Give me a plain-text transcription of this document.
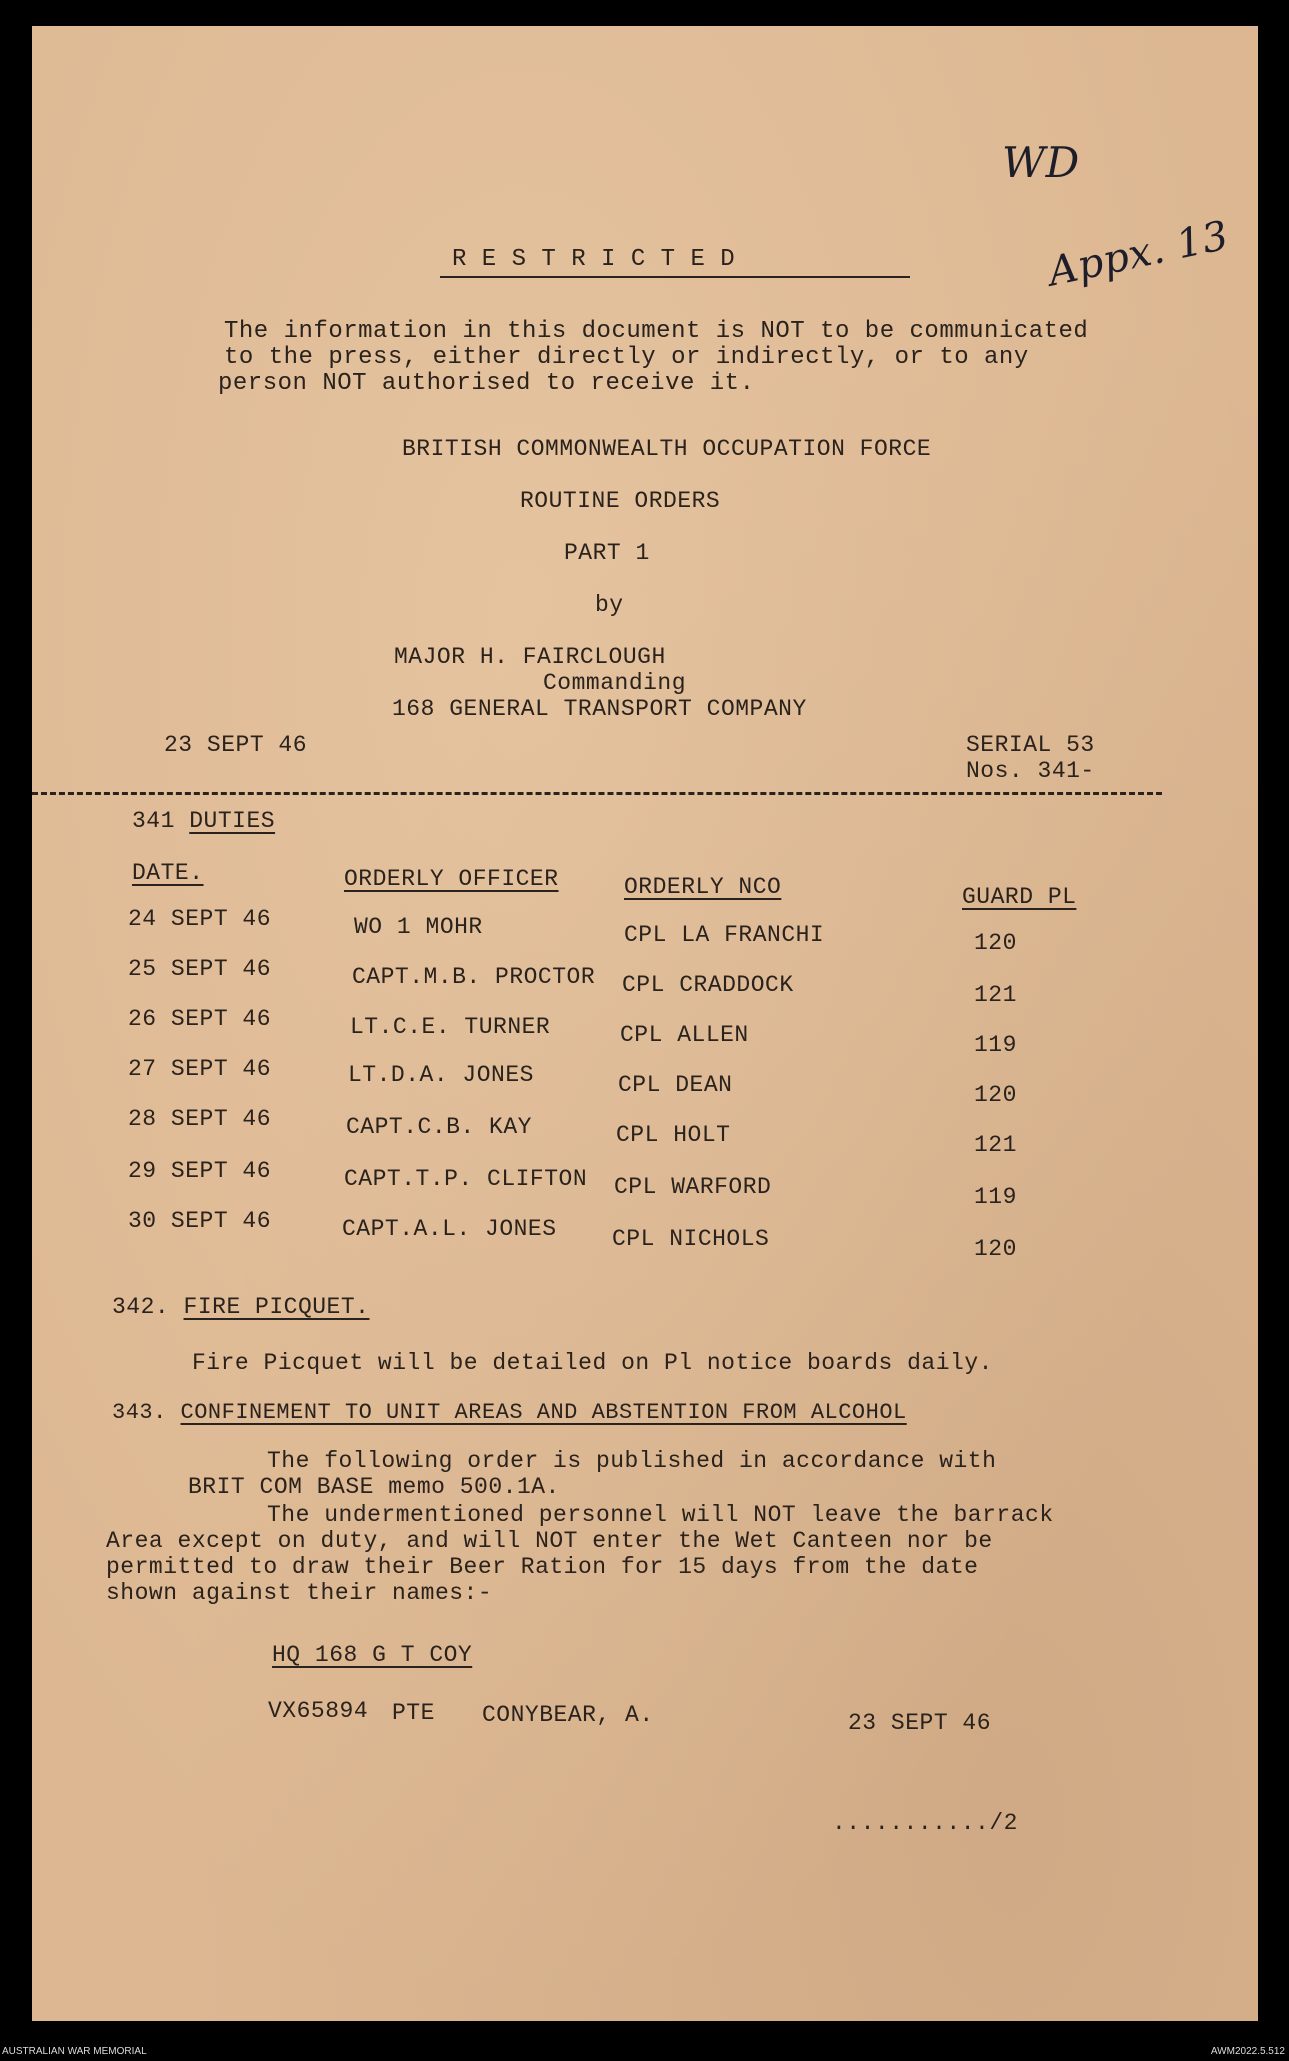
WD
Appx. 13
R E S T R I C T E D
The information in this document is NOT to be communicated
to the press, either directly or indirectly, or to any
person NOT authorised to receive it.
BRITISH COMMONWEALTH OCCUPATION FORCE
ROUTINE ORDERS
PART 1
by
MAJOR H. FAIRCLOUGH
Commanding
168 GENERAL TRANSPORT COMPANY
23 SEPT 46	SERIAL 53
Nos. 341-
341 DUTIES
DATE.	ORDERLY OFFICER	ORDERLY NCO	GUARD PL
24 SEPT 46	WO 1 MOHR	CPL LA FRANCHI	120
25 SEPT 46	CAPT.M.B. PROCTOR CPL CRADDOCK	121
26 SEPT 46	LT.C.E. TURNER	CPL ALLEN	119
27 SEPT 46	LT.D.A. JONES	CPL DEAN	120
28 SEPT 46	CAPT.C.B. KAY	CPL HOLT	121
29 SEPT 46	CAPT.T.P. CLIFTON CPL WARFORD	119
30 SEPT 46	CAPT.A.L. JONES CPL NICHOLS	120
342. FIRE PICQUET.
Fire Picquet will be detailed on Pl notice boards daily.
343. CONFINEMENT TO UNIT AREAS AND ABSTENTION FROM ALCOHOL
The following order is published in accordance with
BRIT COM BASE memo 500.1A.
The undermentioned personnel will NOT leave the barrack
Area except on duty, and will NOT enter the Wet Canteen nor be
permitted to draw their Beer Ration for 15 days from the date
shown against their names:-
HQ 168 G T COY
VX65894 PTE CONYBEAR, A.	23 SEPT 46
.........../2
AUSTRALIAN WAR MEMORIAL	AWM2022.5.512
